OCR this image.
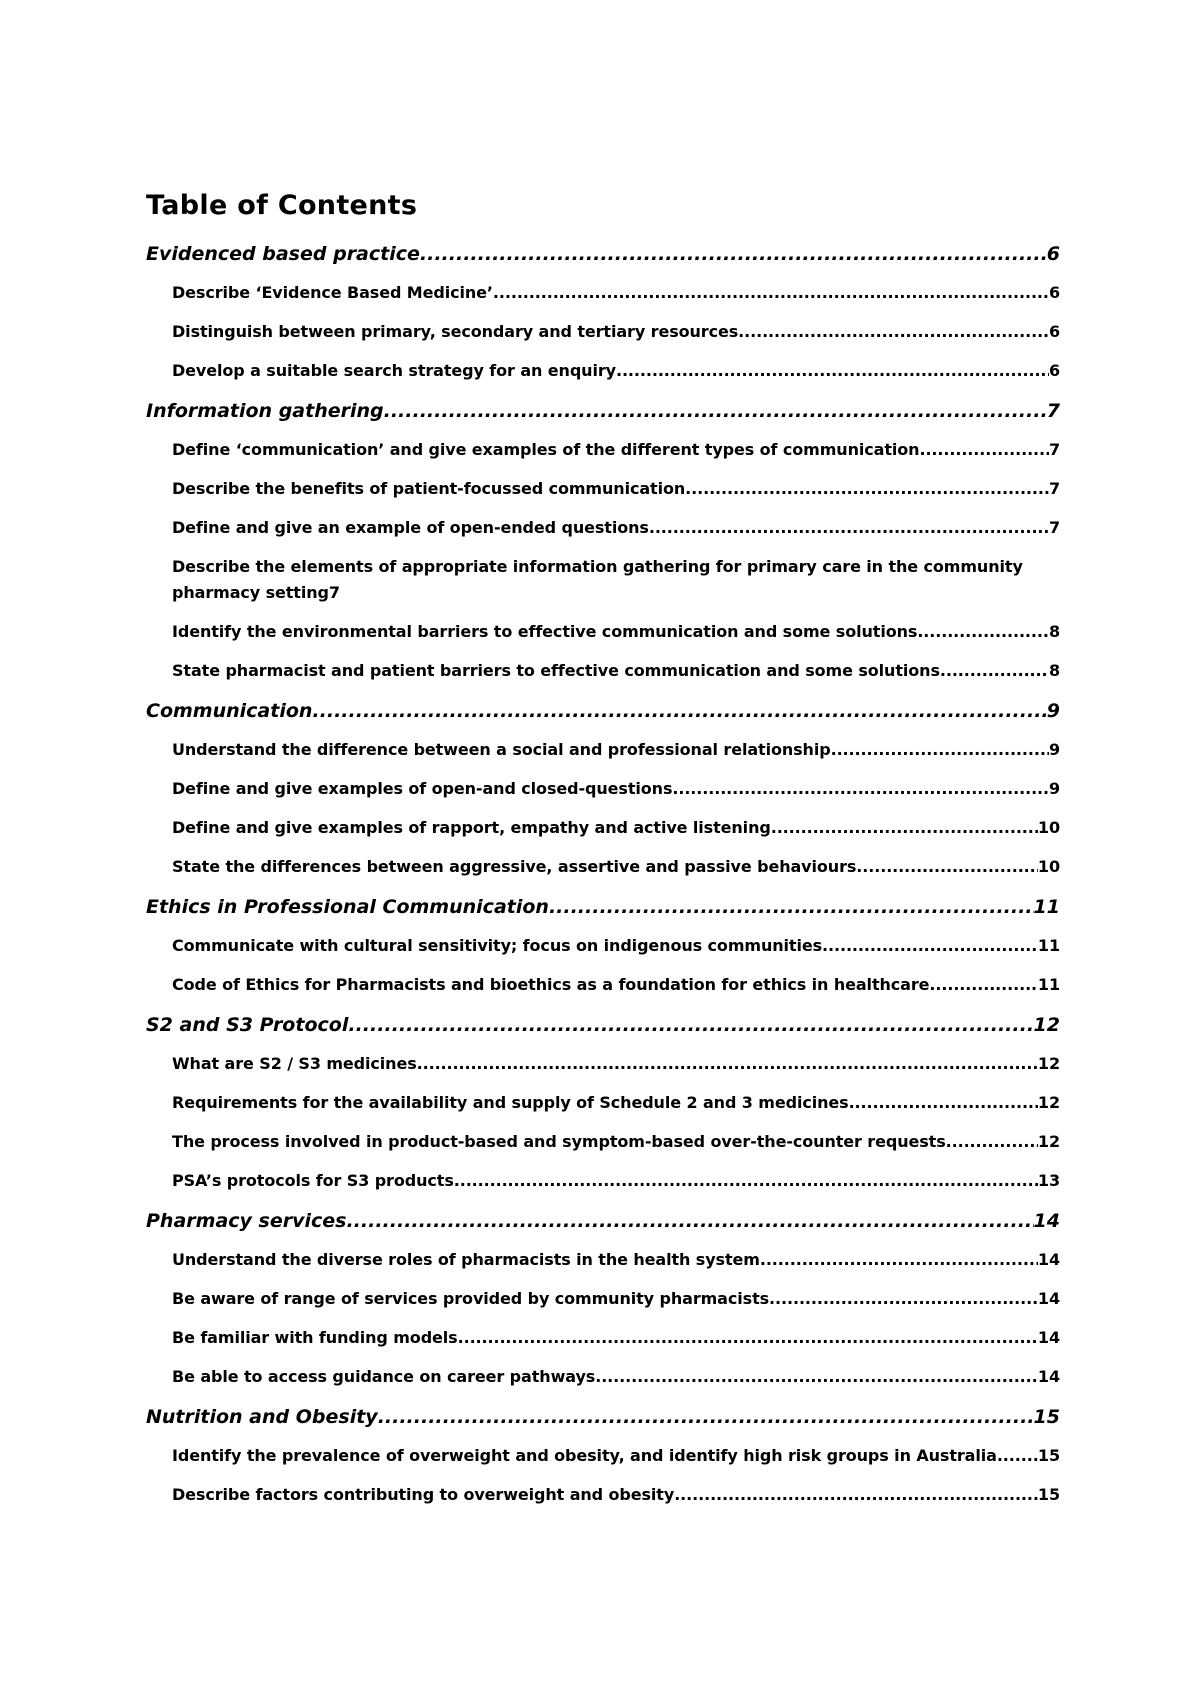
Table of Contents
Evidenced based practice .....	6
Describe ‘Evidence Based Medicine’ .....	6
Distinguish between primary, secondary and tertiary resources. .....	6
Develop a suitable search strategy for an enquiry .....	6
Information gathering .....	7
Define ‘communication’ and give examples of the different types of communication .....	7
Describe the benefits of patient-focussed communication. .....	7
Define and give an example of open-ended questions .....	7
Describe the elements of appropriate information gathering for primary care in the community
pharmacy setting 7
Identify the environmental barriers to effective communication and some solutions .....	8
State pharmacist and patient barriers to effective communication and some solutions .....	8
Communication .....	9
Understand the difference between a social and professional relationship .....	9
Define and give examples of open-and closed-questions .....	9
Define and give examples of rapport, empathy and active listening .....	10
State the differences between aggressive, assertive and passive behaviours .....	10
Ethics in Professional Communication .....	11
Communicate with cultural sensitivity; focus on indigenous communities. .....	11
Code of Ethics for Pharmacists and bioethics as a foundation for ethics in healthcare. .....	11
S2 and S3 Protocol .....	12
What are S2 / S3 medicines .....	12
Requirements for the availability and supply of Schedule 2 and 3 medicines .....	12
The process involved in product-based and symptom-based over-the-counter requests. .....	12
PSA’s protocols for S3 products .....	13
Pharmacy services .....	14
Understand the diverse roles of pharmacists in the health system .....	14
Be aware of range of services provided by community pharmacists .....	14
Be familiar with funding models .....	14
Be able to access guidance on career pathways .....	14
Nutrition and Obesity .....	15
Identify the prevalence of overweight and obesity, and identify high risk groups in Australia .....	15
Describe factors contributing to overweight and obesity .....	15
